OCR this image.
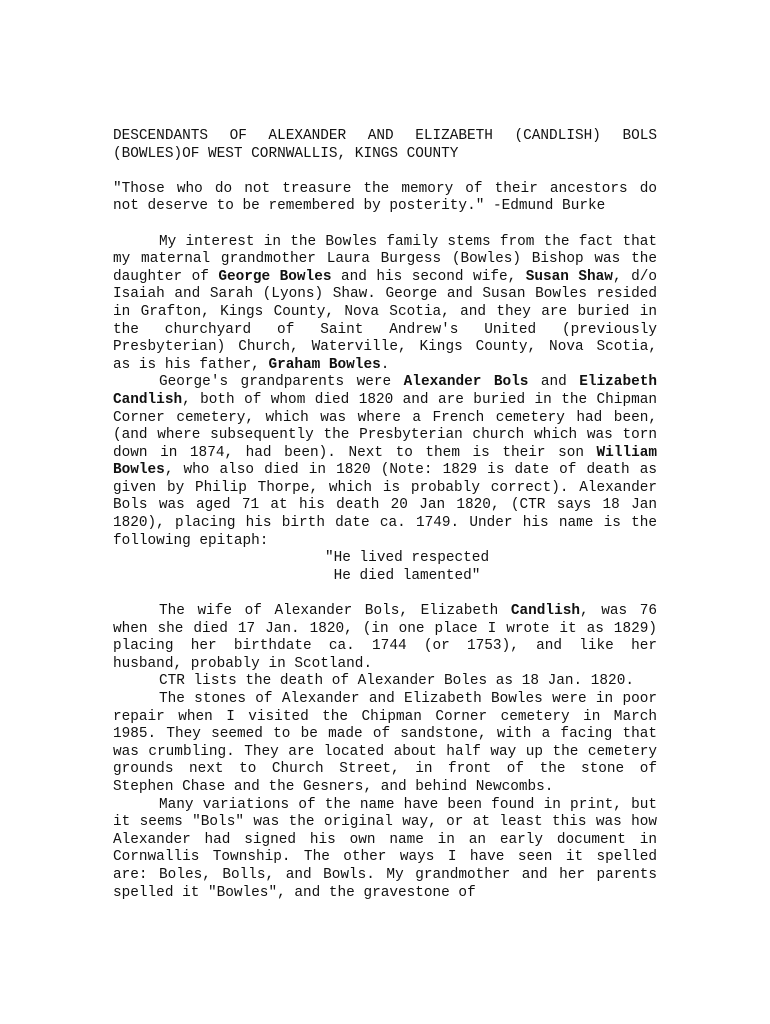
DESCENDANTS OF ALEXANDER AND ELIZABETH (CANDLISH) BOLS
(BOWLES)OF WEST CORNWALLIS, KINGS COUNTY

"Those who do not treasure the memory of their ancestors do not deserve to be remembered by posterity." -Edmund Burke

My interest in the Bowles family stems from the fact that my maternal grandmother Laura Burgess (Bowles) Bishop was the daughter of George Bowles and his second wife, Susan Shaw, d/o Isaiah and Sarah (Lyons) Shaw. George and Susan Bowles resided in Grafton, Kings County, Nova Scotia, and they are buried in the churchyard of Saint Andrew's United (previously Presbyterian) Church, Waterville, Kings County, Nova Scotia, as is his father, Graham Bowles.

George's grandparents were Alexander Bols and Elizabeth Candlish, both of whom died 1820 and are buried in the Chipman Corner cemetery, which was where a French cemetery had been, (and where subsequently the Presbyterian church which was torn down in 1874, had been). Next to them is their son William Bowles, who also died in 1820 (Note: 1829 is date of death as given by Philip Thorpe, which is probably correct). Alexander Bols was aged 71 at his death 20 Jan 1820, (CTR says 18 Jan 1820), placing his birth date ca. 1749. Under his name is the following epitaph:

"He lived respected
He died lamented"

The wife of Alexander Bols, Elizabeth Candlish, was 76 when she died 17 Jan. 1820, (in one place I wrote it as 1829) placing her birthdate ca. 1744 (or 1753), and like her husband, probably in Scotland.

CTR lists the death of Alexander Boles as 18 Jan. 1820.

The stones of Alexander and Elizabeth Bowles were in poor repair when I visited the Chipman Corner cemetery in March 1985. They seemed to be made of sandstone, with a facing that was crumbling. They are located about half way up the cemetery grounds next to Church Street, in front of the stone of Stephen Chase and the Gesners, and behind Newcombs.

Many variations of the name have been found in print, but it seems "Bols" was the original way, or at least this was how Alexander had signed his own name in an early document in Cornwallis Township. The other ways I have seen it spelled are: Boles, Bolls, and Bowls. My grandmother and her parents spelled it "Bowles", and the gravestone of
